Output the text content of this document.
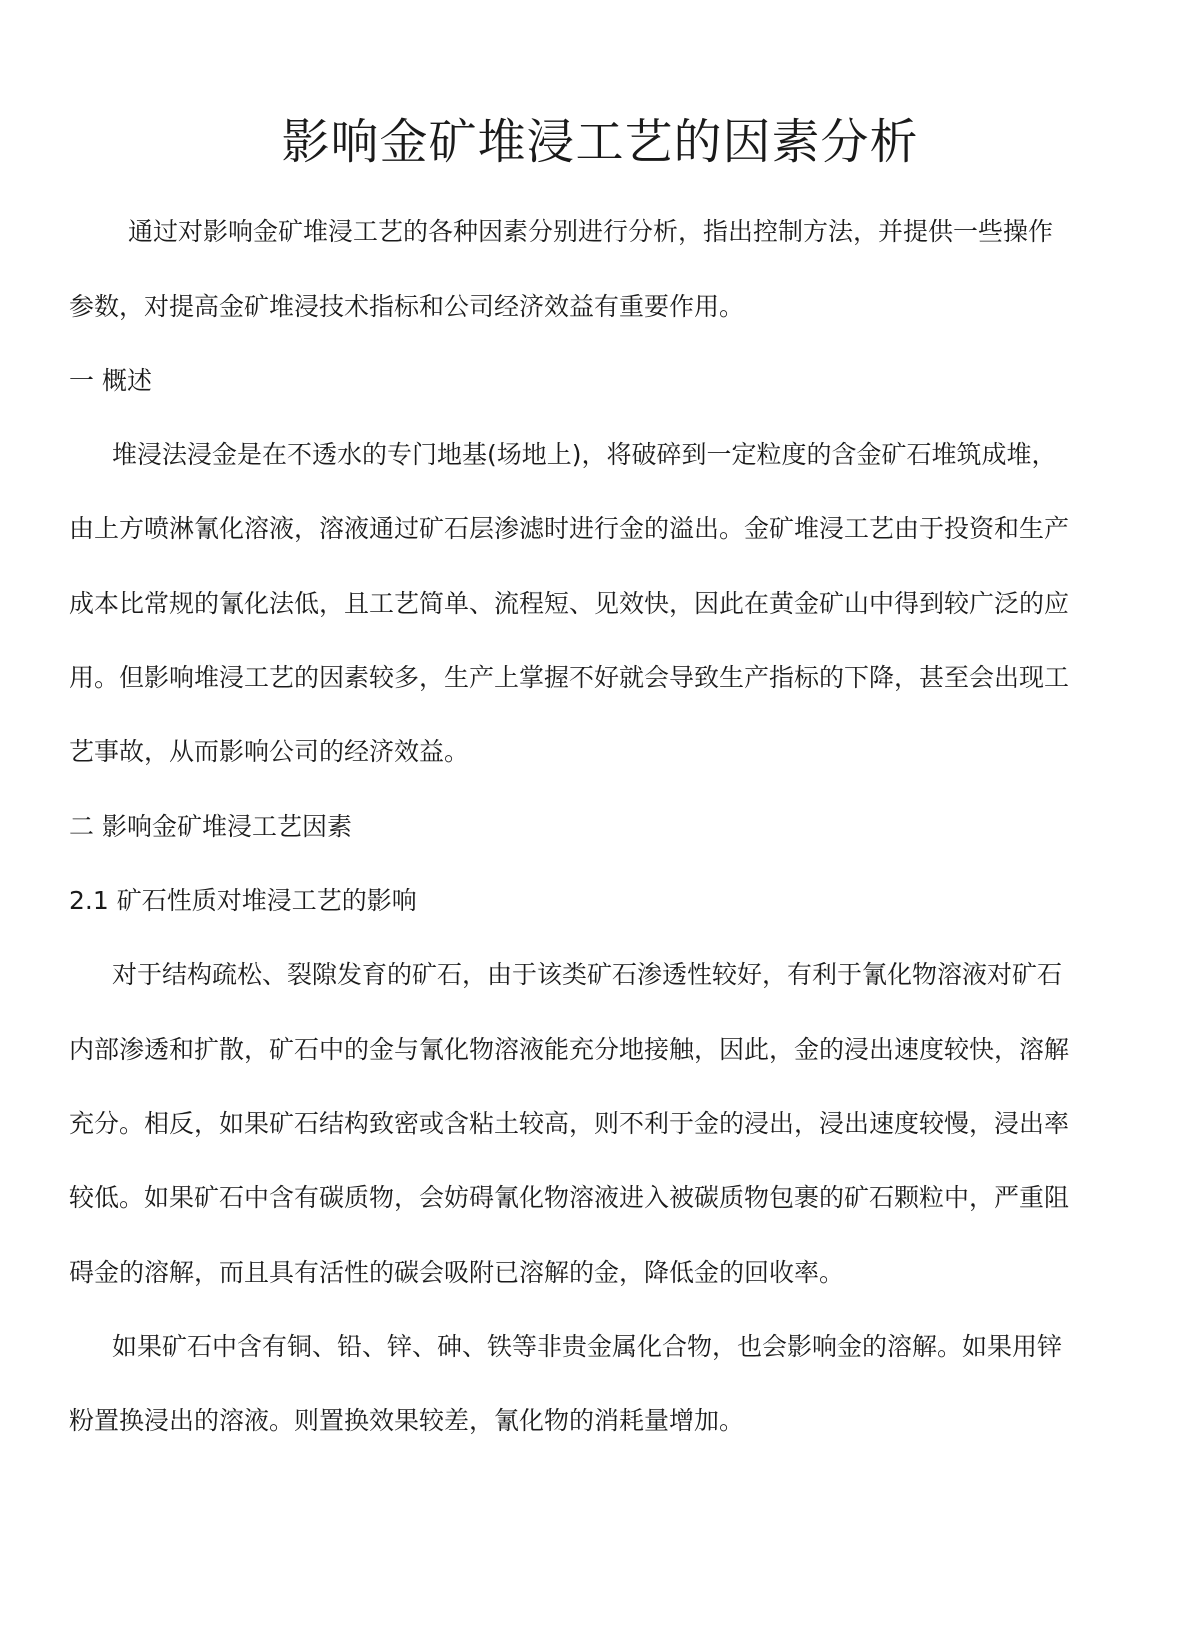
影响金矿堆浸工艺的因素分析

通过对影响金矿堆浸工艺的各种因素分别进行分析，指出控制方法，并提供一些操作

参数，对提高金矿堆浸技术指标和公司经济效益有重要作用。

一 概述

堆浸法浸金是在不透水的专门地基(场地上)，将破碎到一定粒度的含金矿石堆筑成堆，

由上方喷淋氰化溶液，溶液通过矿石层渗滤时进行金的溢出。金矿堆浸工艺由于投资和生产

成本比常规的氰化法低，且工艺简单、流程短、见效快，因此在黄金矿山中得到较广泛的应

用。但影响堆浸工艺的因素较多，生产上掌握不好就会导致生产指标的下降，甚至会出现工

艺事故，从而影响公司的经济效益。

二 影响金矿堆浸工艺因素

2.1 矿石性质对堆浸工艺的影响

对于结构疏松、裂隙发育的矿石，由于该类矿石渗透性较好，有利于氰化物溶液对矿石

内部渗透和扩散，矿石中的金与氰化物溶液能充分地接触，因此，金的浸出速度较快，溶解

充分。相反，如果矿石结构致密或含粘土较高，则不利于金的浸出，浸出速度较慢，浸出率

较低。如果矿石中含有碳质物，会妨碍氰化物溶液进入被碳质物包裹的矿石颗粒中，严重阻

碍金的溶解，而且具有活性的碳会吸附已溶解的金，降低金的回收率。

如果矿石中含有铜、铅、锌、砷、铁等非贵金属化合物，也会影响金的溶解。如果用锌

粉置换浸出的溶液。则置换效果较差，氰化物的消耗量增加。
